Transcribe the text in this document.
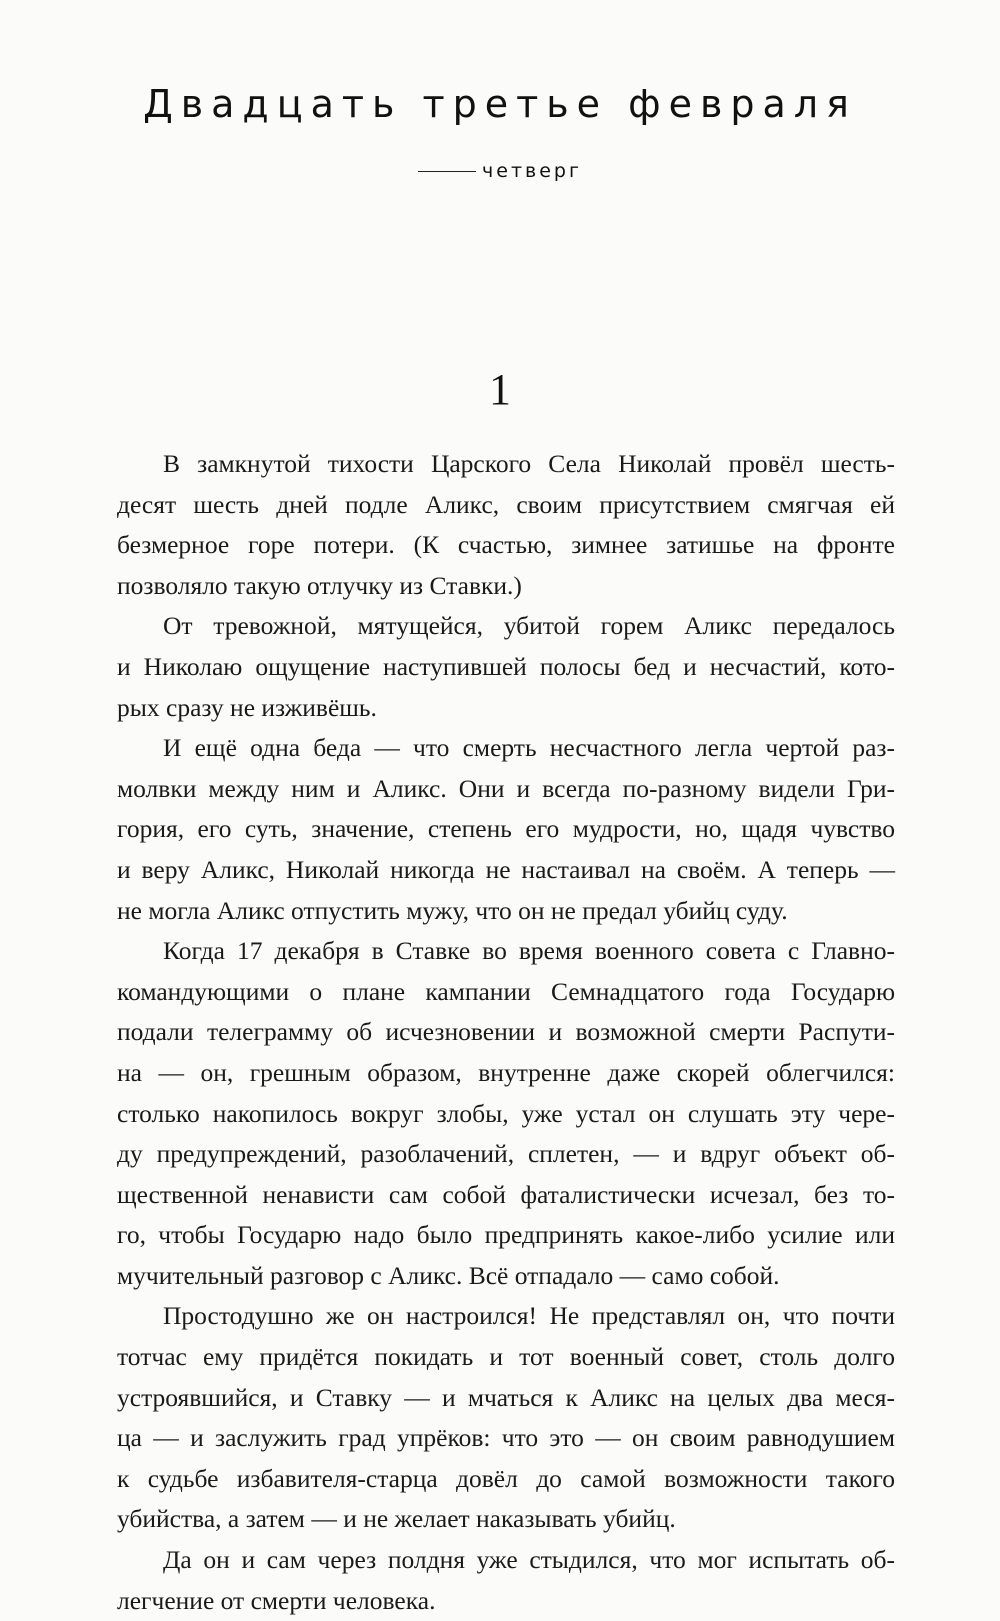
Двадцать третье февраля
четверг
1
В замкнутой тихости Царского Села Николай провёл шесть-
десят шесть дней подле Аликс, своим присутствием смягчая ей
безмерное горе потери. (К счастью, зимнее затишье на фронте
позволяло такую отлучку из Ставки.)
От тревожной, мятущейся, убитой горем Аликс передалось
и Николаю ощущение наступившей полосы бед и несчастий, кото-
рых сразу не изживёшь.
И ещё одна беда — что смерть несчастного легла чертой раз-
молвки между ним и Аликс. Они и всегда по-разному видели Гри-
гория, его суть, значение, степень его мудрости, но, щадя чувство
и веру Аликс, Николай никогда не настаивал на своём. А теперь —
не могла Аликс отпустить мужу, что он не предал убийц суду.
Когда 17 декабря в Ставке во время военного совета с Главно-
командующими о плане кампании Семнадцатого года Государю
подали телеграмму об исчезновении и возможной смерти Распути-
на — он, грешным образом, внутренне даже скорей облегчился:
столько накопилось вокруг злобы, уже устал он слушать эту чере-
ду предупреждений, разоблачений, сплетен, — и вдруг объект об-
щественной ненависти сам собой фаталистически исчезал, без то-
го, чтобы Государю надо было предпринять какое-либо усилие или
мучительный разговор с Аликс. Всё отпадало — само собой.
Простодушно же он настроился! Не представлял он, что почти
тотчас ему придётся покидать и тот военный совет, столь долго
устроявшийся, и Ставку — и мчаться к Аликс на целых два меся-
ца — и заслужить град упрёков: что это — он своим равнодушием
к судьбе избавителя-старца довёл до самой возможности такого
убийства, а затем — и не желает наказывать убийц.
Да он и сам через полдня уже стыдился, что мог испытать об-
легчение от смерти человека.
